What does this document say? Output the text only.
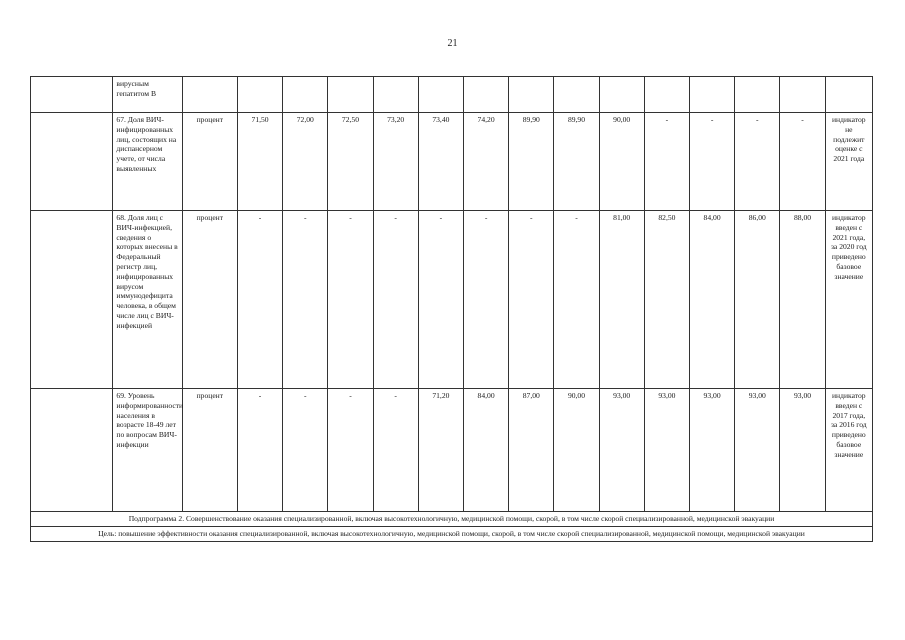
21
	вирусным гепатитом В															
	67. Доля ВИЧ-инфицированных лиц, состоящих на диспансерном учете, от числа выявленных	процент	71,50	72,00	72,50	73,20	73,40	74,20	89,90	89,90	90,00	-	-	-	-	индикатор не подлежит оценке с 2021 года
	68. Доля лиц с ВИЧ-инфекцией, сведения о которых внесены в Федеральный регистр лиц, инфицированных вирусом иммунодефицита человека, в общем числе лиц с ВИЧ-инфекцией	процент	-	-	-	-	-	-	-	-	81,00	82,50	84,00	86,00	88,00	индикатор введен с 2021 года, за 2020 год приведено базовое значение
	69. Уровень информированности населения в возрасте 18-49 лет по вопросам ВИЧ-инфекции	процент	-	-	-	-	71,20	84,00	87,00	90,00	93,00	93,00	93,00	93,00	93,00	индикатор введен с 2017 года, за 2016 год приведено базовое значение
Подпрограмма 2. Совершенствование оказания специализированной, включая высокотехнологичную, медицинской помощи, скорой, в том числе скорой специализированной, медицинской эвакуации																
Цель: повышение эффективности оказания специализированной, включая высокотехнологичную, медицинской помощи, скорой, в том числе скорой специализированной, медицинской помощи, медицинской эвакуации																
